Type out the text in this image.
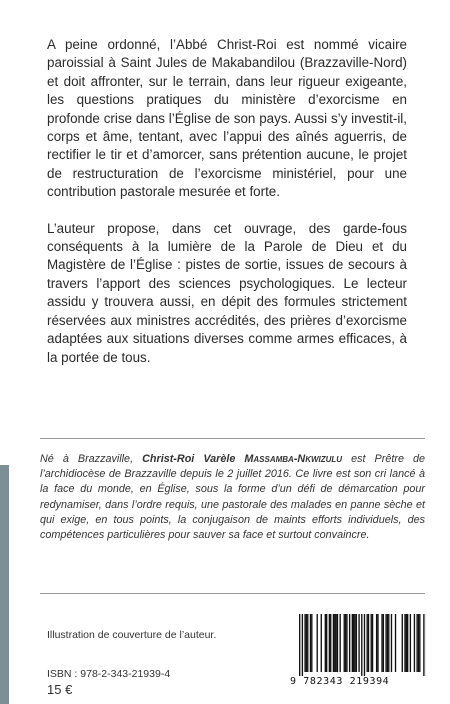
A peine ordonné, l’Abbé Christ-Roi est nommé vicaire paroissial à Saint Jules de Makabandilou (Brazzaville-Nord) et doit affronter, sur le terrain, dans leur rigueur exigeante, les questions pratiques du ministère d’exorcisme en profonde crise dans l’Église de son pays. Aussi s’y investit-il, corps et âme, tentant, avec l’appui des aînés aguerris, de rectifier le tir et d’amorcer, sans prétention aucune, le projet de restructuration de l’exorcisme ministériel, pour une contribution pastorale mesurée et forte.

L’auteur propose, dans cet ouvrage, des garde-fous conséquents à la lumière de la Parole de Dieu et du Magistère de l’Église : pistes de sortie, issues de secours à travers l’apport des sciences psychologiques. Le lecteur assidu y trouvera aussi, en dépit des formules strictement réservées aux ministres accrédités, des prières d’exorcisme adaptées aux situations diverses comme armes efficaces, à la portée de tous.

Né à Brazzaville, Christ-Roi Varèle Massamba-Nkwizulu est Prêtre de l’archidiocèse de Brazzaville depuis le 2 juillet 2016. Ce livre est son cri lancé à la face du monde, en Église, sous la forme d’un défi de démarcation pour redynamiser, dans l’ordre requis, une pastorale des malades en panne sèche et qui exige, en tous points, la conjugaison de maints efforts individuels, des compétences particulières pour sauver sa face et surtout convaincre.
Illustration de couverture de l’auteur.
ISBN : 978-2-343-21939-4
15 €
9 782343 219394
